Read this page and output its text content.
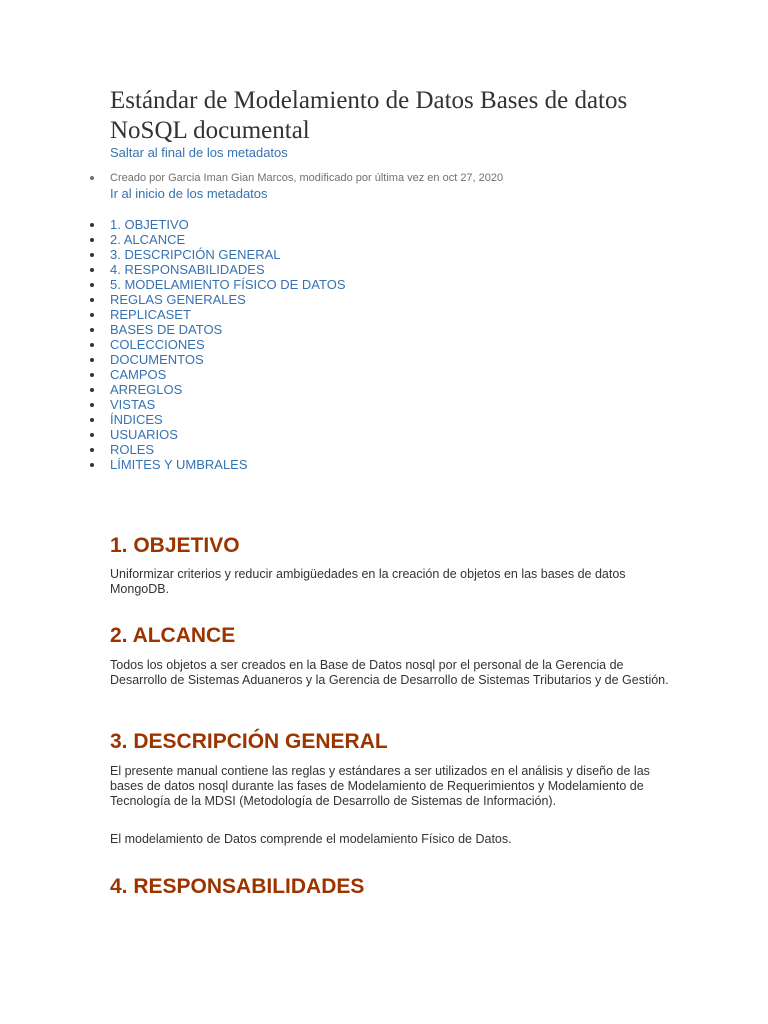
Estándar de Modelamiento de Datos Bases de datos NoSQL documental
Saltar al final de los metadatos
Creado por Garcia Iman Gian Marcos, modificado por última vez en oct 27, 2020
Ir al inicio de los metadatos
1. OBJETIVO
2. ALCANCE
3. DESCRIPCIÓN GENERAL
4. RESPONSABILIDADES
5. MODELAMIENTO FÍSICO DE DATOS
REGLAS GENERALES
REPLICASET
BASES DE DATOS
COLECCIONES
DOCUMENTOS
CAMPOS
ARREGLOS
VISTAS
ÍNDICES
USUARIOS
ROLES
LÍMITES Y UMBRALES
1. OBJETIVO

Uniformizar criterios y reducir ambigüedades en la creación de objetos en las bases de datos MongoDB.

2. ALCANCE

Todos los objetos a ser creados en la Base de Datos nosql por el personal de la Gerencia de Desarrollo de Sistemas Aduaneros y la Gerencia de Desarrollo de Sistemas Tributarios y de Gestión.

3. DESCRIPCIÓN GENERAL

El presente manual contiene las reglas y estándares a ser utilizados en el análisis y diseño de las bases de datos nosql durante las fases de Modelamiento de Requerimientos y Modelamiento de Tecnología de la MDSI (Metodología de Desarrollo de Sistemas de Información).

El modelamiento de Datos comprende el modelamiento Físico de Datos.

4. RESPONSABILIDADES
